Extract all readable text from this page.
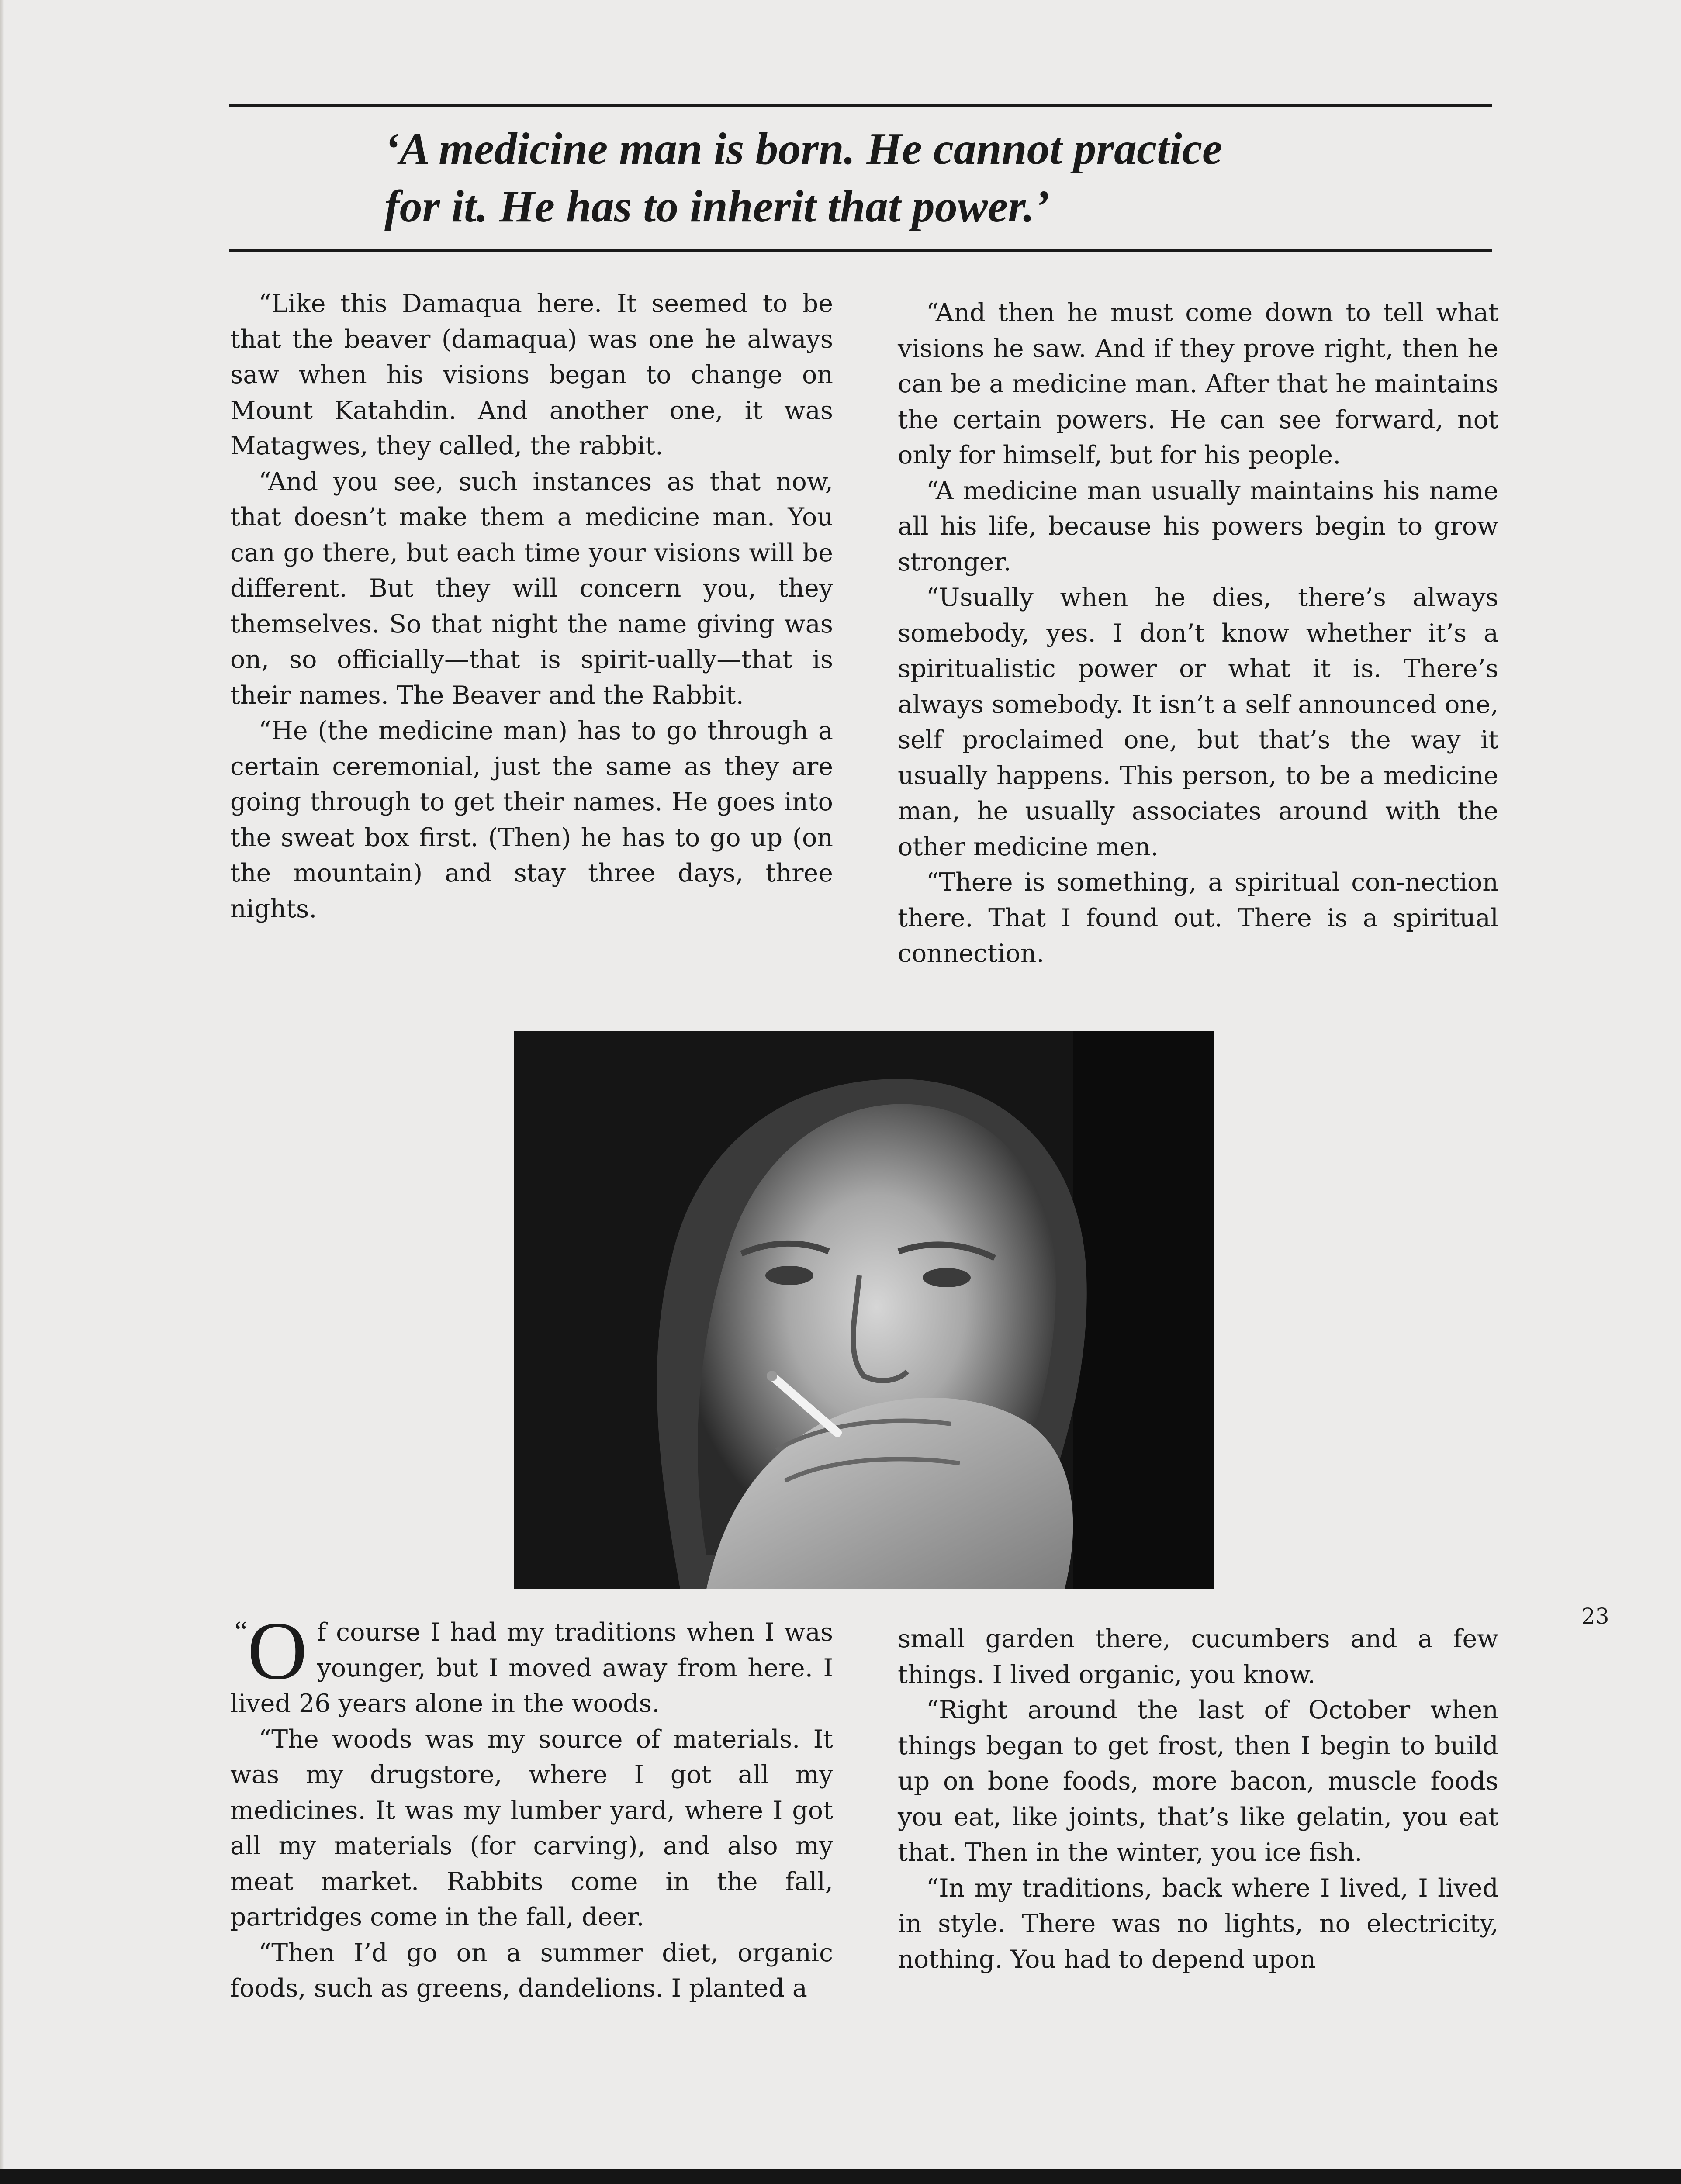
‘A medicine man is born. He cannot practice
for it. He has to inherit that power.’

“Like this Damaqua here. It seemed to be that the beaver (damaqua) was one he always saw when his visions began to change on Mount Katahdin. And another one, it was Matagwes, they called, the rabbit.

“And you see, such instances as that now, that doesn’t make them a medicine man. You can go there, but each time your visions will be different. But they will concern you, they themselves. So that night the name giving was on, so officially—that is spirit-ually—that is their names. The Beaver and the Rabbit.

“He (the medicine man) has to go through a certain ceremonial, just the same as they are going through to get their names. He goes into the sweat box first. (Then) he has to go up (on the mountain) and stay three days, three nights.

“And then he must come down to tell what visions he saw. And if they prove right, then he can be a medicine man. After that he maintains the certain powers. He can see forward, not only for himself, but for his people.

“A medicine man usually maintains his name all his life, because his powers begin to grow stronger.

“Usually when he dies, there’s always somebody, yes. I don’t know whether it’s a spiritualistic power or what it is. There’s always somebody. It isn’t a self announced one, self proclaimed one, but that’s the way it usually happens. This person, to be a medicine man, he usually associates around with the other medicine men.

“There is something, a spiritual con-nection there. That I found out. There is a spiritual connection.

“O f course I had my traditions when I was younger, but I moved away from here. I lived 26 years alone in the woods.

“The woods was my source of materials. It was my drugstore, where I got all my medicines. It was my lumber yard, where I got all my materials (for carving), and also my meat market. Rabbits come in the fall, partridges come in the fall, deer.

“Then I’d go on a summer diet, organic foods, such as greens, dandelions. I planted a

small garden there, cucumbers and a few things. I lived organic, you know.

“Right around the last of October when things began to get frost, then I begin to build up on bone foods, more bacon, muscle foods you eat, like joints, that’s like gelatin, you eat that. Then in the winter, you ice fish.

“In my traditions, back where I lived, I lived in style. There was no lights, no electricity, nothing. You had to depend upon

23
